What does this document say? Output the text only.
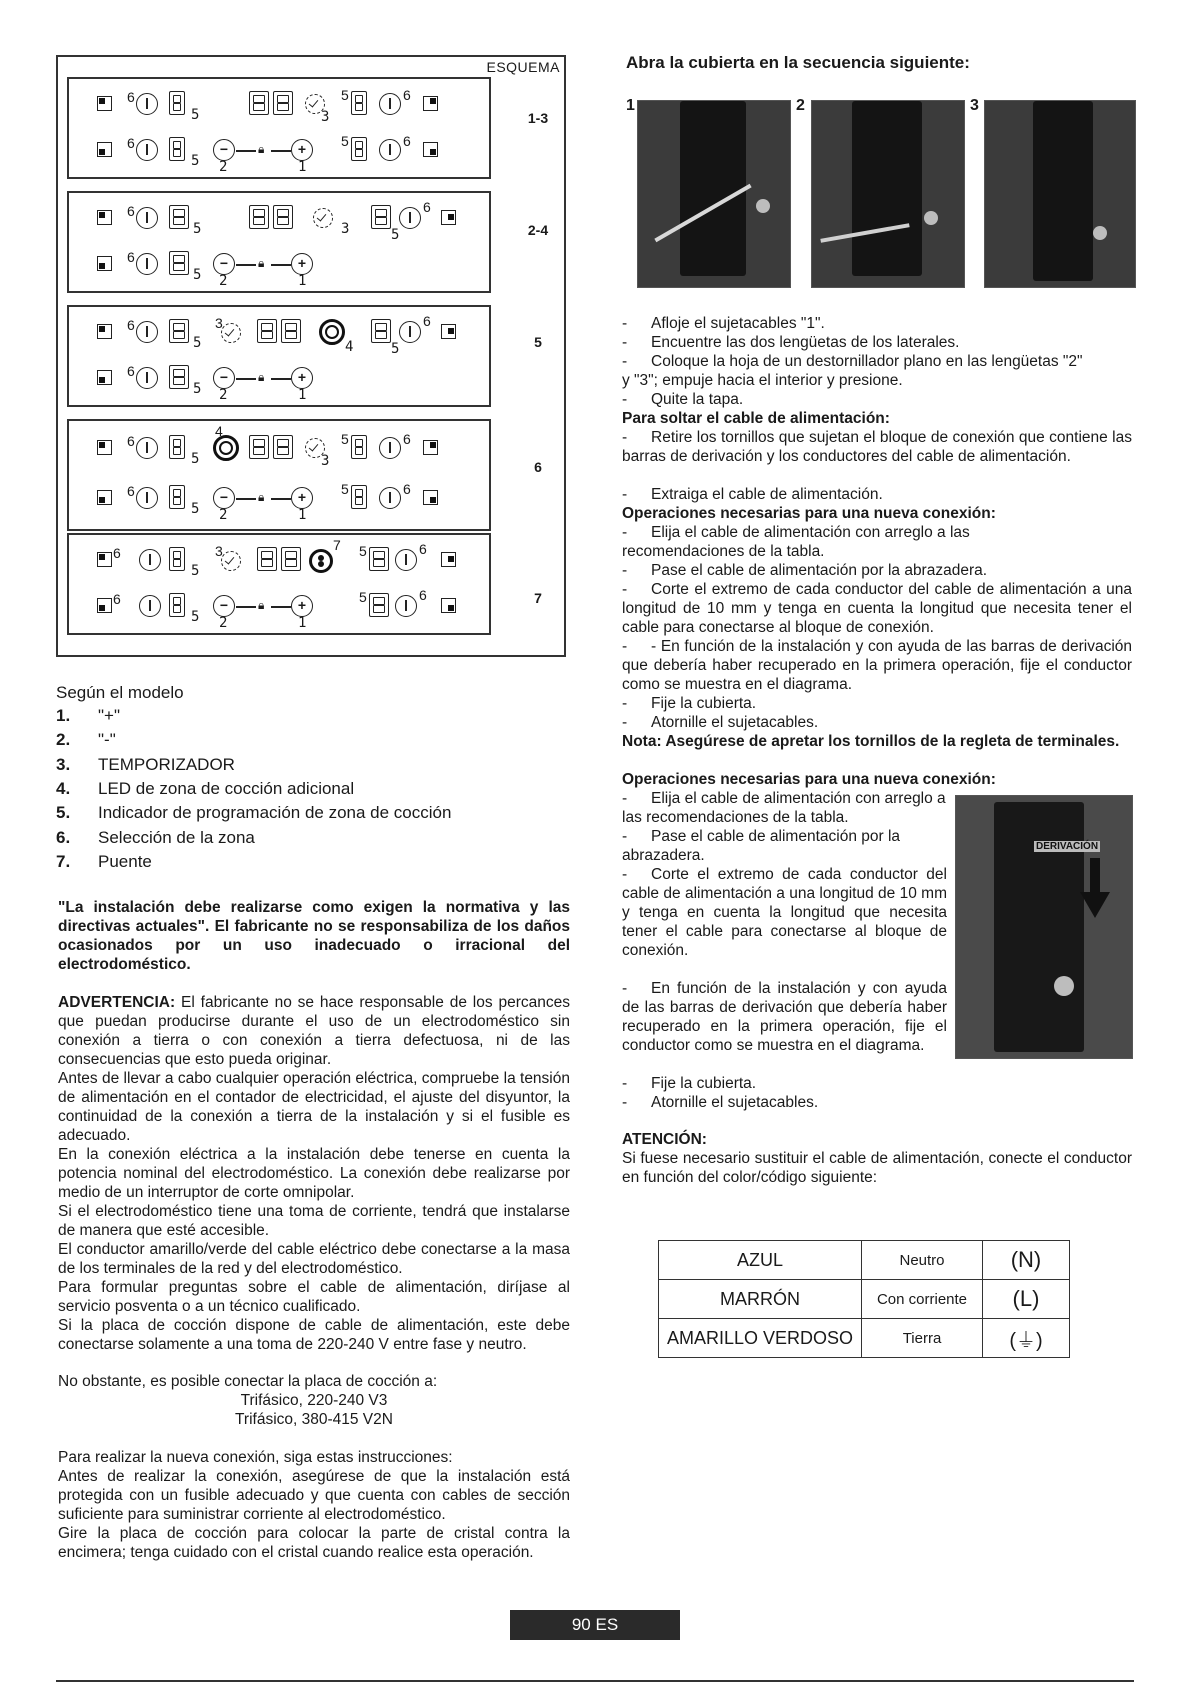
ESQUEMA
6
5	3
5	6
6
5
−	🔒︎	+
2	1
5	6
1-3
6
5	3	5
6
6
5
−	🔒︎	+
2	1
2-4
6
5
3
4	5
6
6
5
−	🔒︎	+
2	1
5
6
5
4
3
5	6
6
5
−	🔒︎	+
2	1
5	6
6
6
5
3	7 5	6
6
5
−	🔒︎	+
2	1
5	6	7
Según el modelo
1. "+"
2. "-"
3. TEMPORIZADOR
4. LED de zona de cocción adicional
5. Indicador de programación de zona de cocción
6. Selección de la zona
7. Puente
"La instalación debe realizarse como exigen la normativa y las directivas actuales". El fabricante no se responsabiliza de los daños ocasionados por un uso inadecuado o irracional del electrodoméstico.
ADVERTENCIA: El fabricante no se hace responsable de los percances que puedan producirse durante el uso de un electrodoméstico sin conexión a tierra o con conexión a tierra defectuosa, ni de las consecuencias que esto pueda originar.
Antes de llevar a cabo cualquier operación eléctrica, compruebe la tensión de alimentación en el contador de electricidad, el ajuste del disyuntor, la continuidad de la conexión a tierra de la instalación y si el fusible es adecuado.
En la conexión eléctrica a la instalación debe tenerse en cuenta la potencia nominal del electrodoméstico. La conexión debe realizarse por medio de un interruptor de corte omnipolar.
Si el electrodoméstico tiene una toma de corriente, tendrá que instalarse de manera que esté accesible.
El conductor amarillo/verde del cable eléctrico debe conectarse a la masa de los terminales de la red y del electrodoméstico.
Para formular preguntas sobre el cable de alimentación, diríjase al servicio posventa o a un técnico cualificado.
Si la placa de cocción dispone de cable de alimentación, este debe conectarse solamente a una toma de 220-240 V entre fase y neutro.
No obstante, es posible conectar la placa de cocción a:
Trifásico, 220-240 V3
Trifásico, 380-415 V2N
Para realizar la nueva conexión, siga estas instrucciones:
Antes de realizar la conexión, asegúrese de que la instalación está protegida con un fusible adecuado y que cuenta con cables de sección suficiente para suministrar corriente al electrodoméstico.
Gire la placa de cocción para colocar la parte de cristal contra la encimera; tenga cuidado con el cristal cuando realice esta operación.
Abra la cubierta en la secuencia siguiente:
1	2	3
- Afloje el sujetacables "1".
- Encuentre las dos lengüetas de los laterales.
- Coloque la hoja de un destornillador plano en las lengüetas "2"
y "3"; empuje hacia el interior y presione.
- Quite la tapa.
Para soltar el cable de alimentación:
-	Retire los tornillos que sujetan el bloque de conexión que contiene las barras de derivación y los conductores del cable de alimentación.
- Extraiga el cable de alimentación.
Operaciones necesarias para una nueva conexión:
-	Elija el cable de alimentación con arreglo a las recomendaciones de la tabla.
- Pase el cable de alimentación por la abrazadera.
-	Corte el extremo de cada conductor del cable de alimentación a una longitud de 10 mm y tenga en cuenta la longitud que necesita tener el cable para conectarse al bloque de conexión.
-	- En función de la instalación y con ayuda de las barras de derivación que debería haber recuperado en la primera operación, fije el conductor como se muestra en el diagrama.
- Fije la cubierta.
- Atornille el sujetacables.
Nota: Asegúrese de apretar los tornillos de la regleta de terminales.
Operaciones necesarias para una nueva conexión:
-	Elija el cable de alimentación con arreglo a las recomendaciones de la tabla.
-	Pase el cable de alimentación por la abrazadera.
-	Corte el extremo de cada conductor del cable de alimentación a una longitud de 10 mm y tenga en cuenta la longitud que necesita tener el cable para conectarse al bloque de conexión.
-	En función de la instalación y con ayuda de las barras de derivación que debería haber recuperado en la primera operación, fije el conductor como se muestra en el diagrama.
- Fije la cubierta.
- Atornille el sujetacables.
DERIVACIÓN
ATENCIÓN:
Si fuese necesario sustituir el cable de alimentación, conecte el conductor en función del color/código siguiente:
AZUL	Neutro	(N)
MARRÓN	Con corriente	(L)
AMARILLO VERDOSO	Tierra	(⏚)
90 ES
